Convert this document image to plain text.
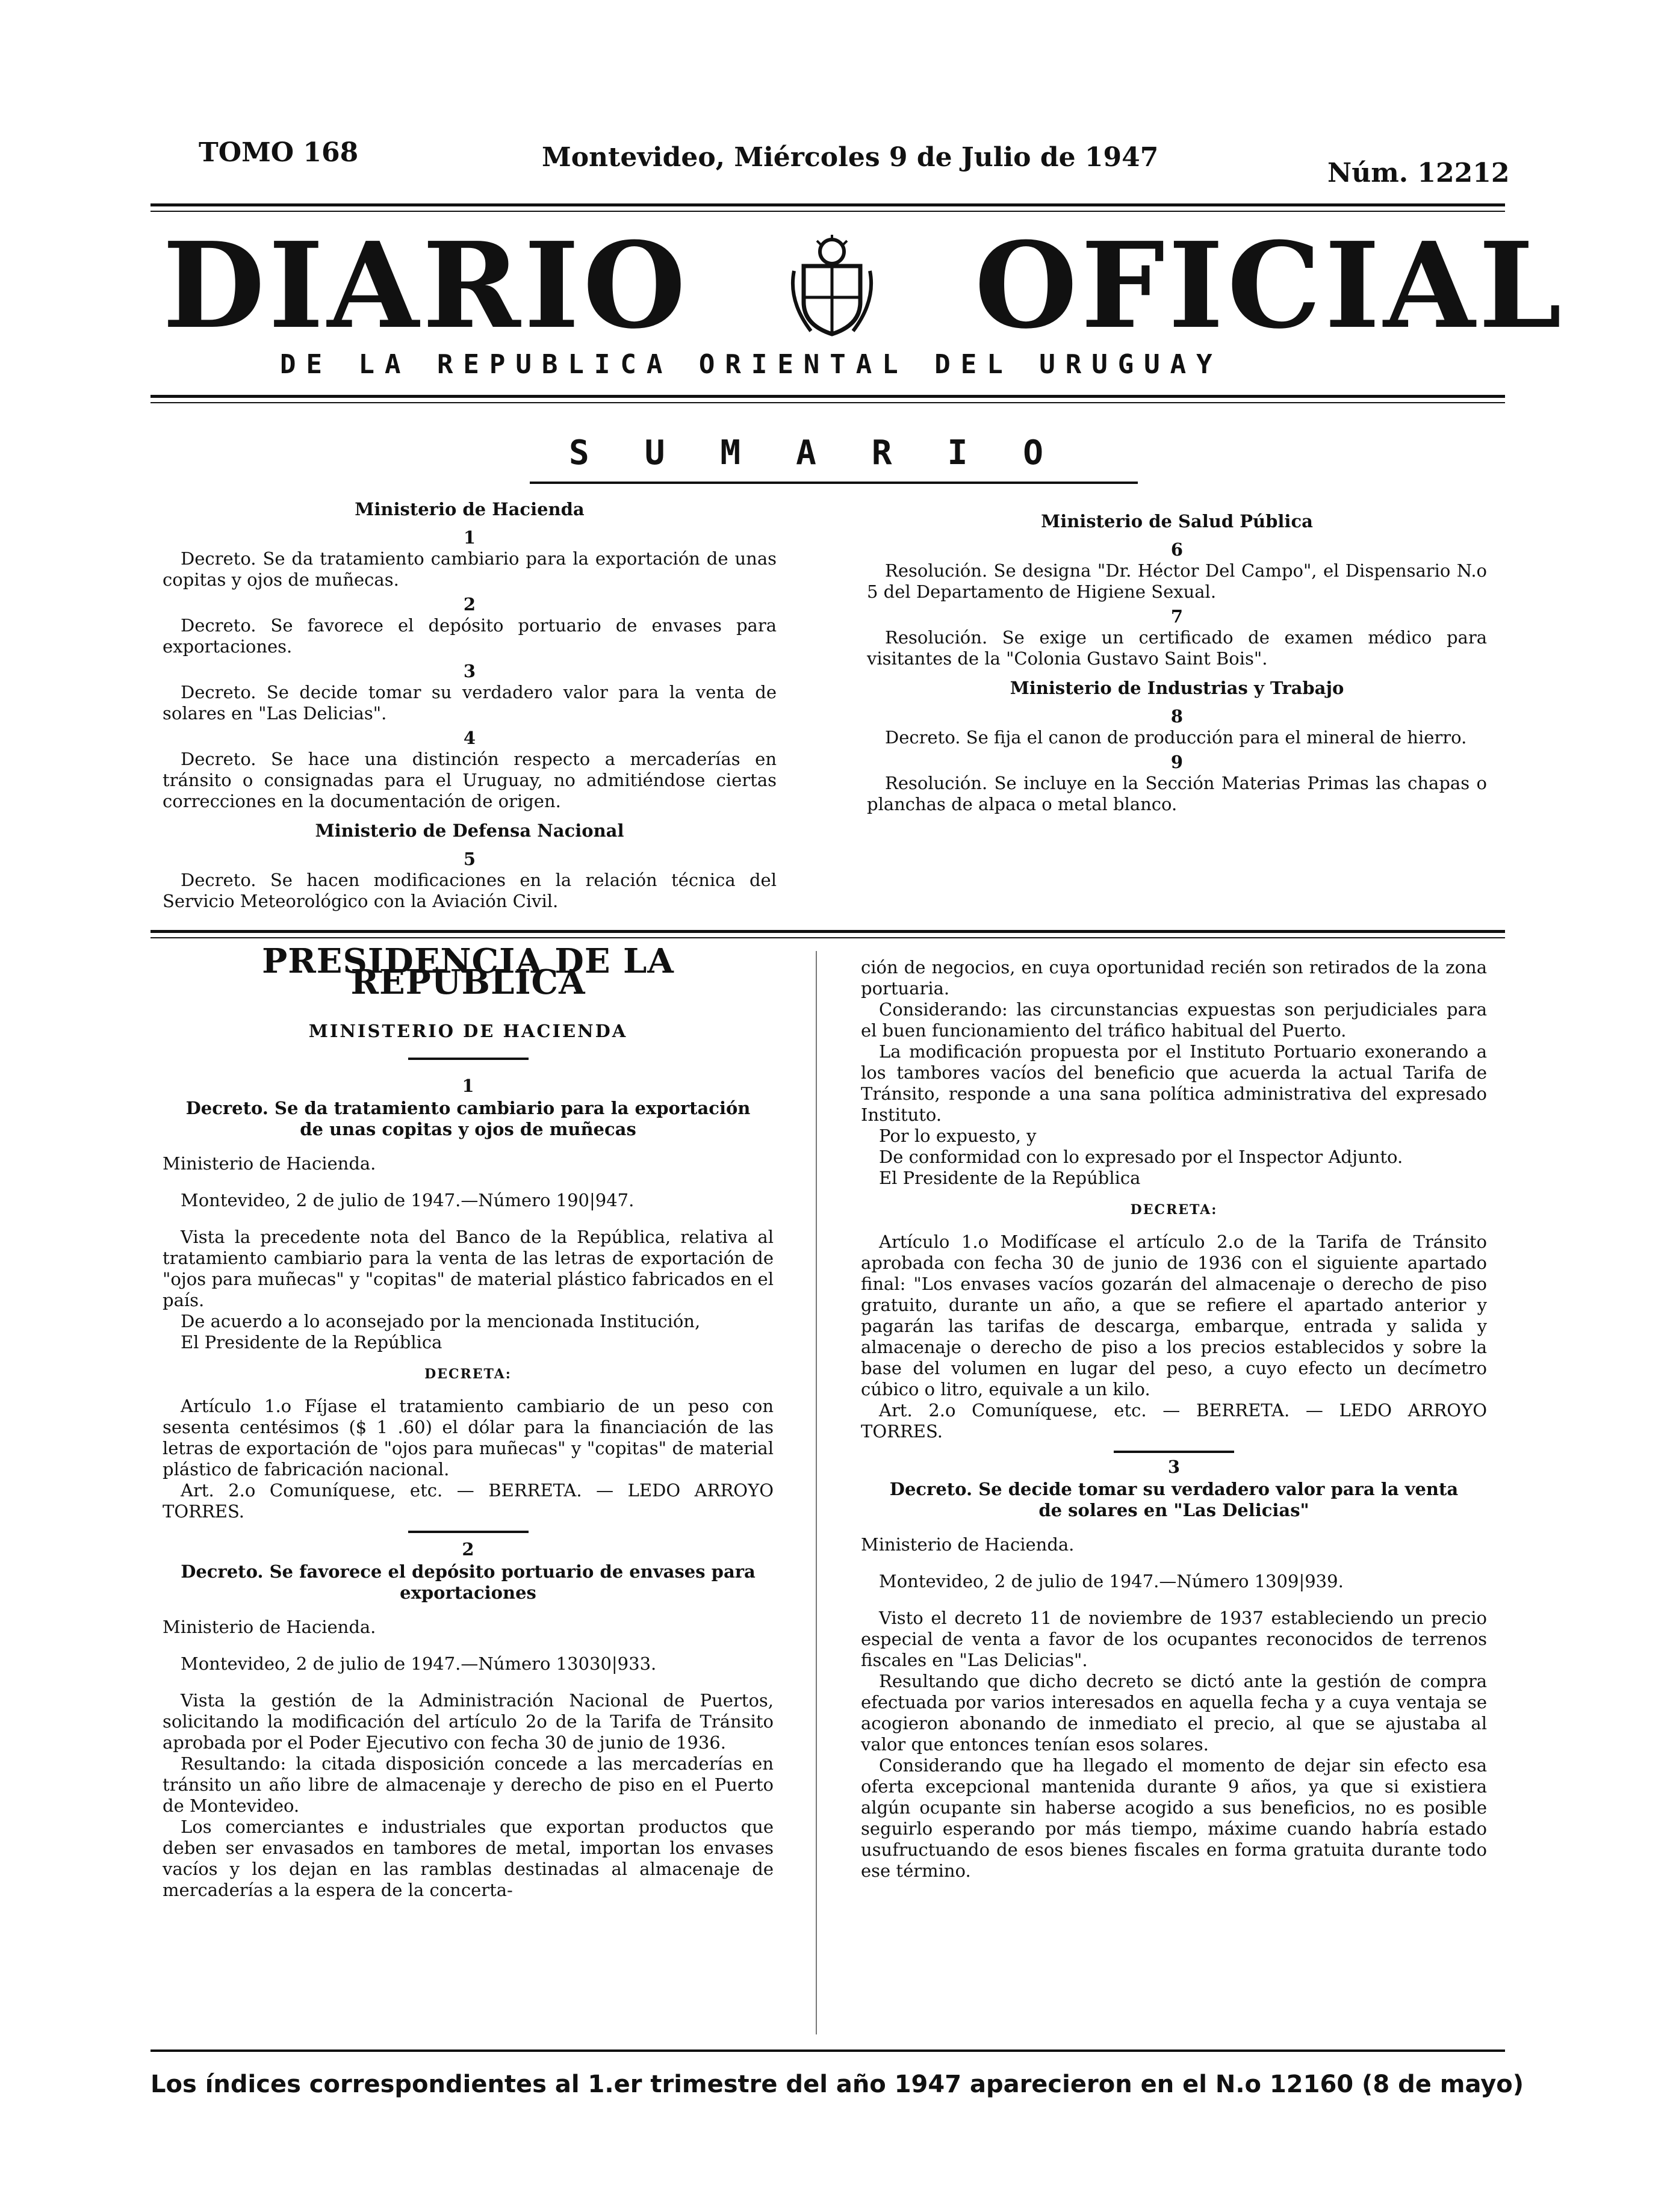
TOMO 168	Montevideo, Miércoles 9 de Julio de 1947
Núm. 12212
DIARIO OFICIAL
DE LA REPUBLICA ORIENTAL DEL URUGUAY
SUMARIO

Ministerio de Hacienda

1

Decreto. Se da tratamiento cambiario para la exportación de unas copitas y ojos de muñecas.

2

Decreto. Se favorece el depósito portuario de envases para exportaciones.

3

Decreto. Se decide tomar su verdadero valor para la venta de solares en "Las Delicias".

4

Decreto. Se hace una distinción respecto a mercaderías en tránsito o consignadas para el Uruguay, no admitiéndose ciertas correcciones en la documentación de origen.

Ministerio de Defensa Nacional

5

Decreto. Se hacen modificaciones en la relación técnica del Servicio Meteorológico con la Aviación Civil.

Ministerio de Salud Pública

6

Resolución. Se designa "Dr. Héctor Del Campo", el Dispensario N.o 5 del Departamento de Higiene Sexual.

7

Resolución. Se exige un certificado de examen médico para visitantes de la "Colonia Gustavo Saint Bois".

Ministerio de Industrias y Trabajo

8

Decreto. Se fija el canon de producción para el mineral de hierro.

9

Resolución. Se incluye en la Sección Materias Primas las chapas o planchas de alpaca o metal blanco.

PRESIDENCIA DE LA REPUBLICA

MINISTERIO DE HACIENDA

1

Decreto. Se da tratamiento cambiario para la exportación de unas copitas y ojos de muñecas

Ministerio de Hacienda.

Montevideo, 2 de julio de 1947.—Número 190|947.

Vista la precedente nota del Banco de la República, relativa al tratamiento cambiario para la venta de las letras de exportación de "ojos para muñecas" y "copitas" de material plástico fabricados en el país.

De acuerdo a lo aconsejado por la mencionada Institución,

El Presidente de la República

DECRETA:

Artículo 1.o Fíjase el tratamiento cambiario de un peso con sesenta centésimos ($ 1 .60) el dólar para la financiación de las letras de exportación de "ojos para muñecas" y "copitas" de material plástico de fabricación nacional.

Art. 2.o Comuníquese, etc. — BERRETA. — LEDO ARROYO TORRES.

2

Decreto. Se favorece el depósito portuario de envases para exportaciones

Ministerio de Hacienda.

Montevideo, 2 de julio de 1947.—Número 13030|933.

Vista la gestión de la Administración Nacional de Puertos, solicitando la modificación del artículo 2o de la Tarifa de Tránsito aprobada por el Poder Ejecutivo con fecha 30 de junio de 1936.

Resultando: la citada disposición concede a las mercaderías en tránsito un año libre de almacenaje y derecho de piso en el Puerto de Montevideo.

Los comerciantes e industriales que exportan productos que deben ser envasados en tambores de metal, importan los envases vacíos y los dejan en las ramblas destinadas al almacenaje de mercaderías a la espera de la concerta-

ción de negocios, en cuya oportunidad recién son retirados de la zona portuaria.

Considerando: las circunstancias expuestas son perjudiciales para el buen funcionamiento del tráfico habitual del Puerto.

La modificación propuesta por el Instituto Portuario exonerando a los tambores vacíos del beneficio que acuerda la actual Tarifa de Tránsito, responde a una sana política administrativa del expresado Instituto.

Por lo expuesto, y

De conformidad con lo expresado por el Inspector Adjunto.

El Presidente de la República

DECRETA:

Artículo 1.o Modifícase el artículo 2.o de la Tarifa de Tránsito aprobada con fecha 30 de junio de 1936 con el siguiente apartado final: "Los envases vacíos gozarán del almacenaje o derecho de piso gratuito, durante un año, a que se refiere el apartado anterior y pagarán las tarifas de descarga, embarque, entrada y salida y almacenaje o derecho de piso a los precios establecidos y sobre la base del volumen en lugar del peso, a cuyo efecto un decímetro cúbico o litro, equivale a un kilo.

Art. 2.o Comuníquese, etc. — BERRETA. — LEDO ARROYO TORRES.

3

Decreto. Se decide tomar su verdadero valor para la venta de solares en "Las Delicias"

Ministerio de Hacienda.

Montevideo, 2 de julio de 1947.—Número 1309|939.

Visto el decreto 11 de noviembre de 1937 estableciendo un precio especial de venta a favor de los ocupantes reconocidos de terrenos fiscales en "Las Delicias".

Resultando que dicho decreto se dictó ante la gestión de compra efectuada por varios interesados en aquella fecha y a cuya ventaja se acogieron abonando de inmediato el precio, al que se ajustaba al valor que entonces tenían esos solares.

Considerando que ha llegado el momento de dejar sin efecto esa oferta excepcional mantenida durante 9 años, ya que si existiera algún ocupante sin haberse acogido a sus beneficios, no es posible seguirlo esperando por más tiempo, máxime cuando habría estado usufructuando de esos bienes fiscales en forma gratuita durante todo ese término.

Los índices correspondientes al 1.er trimestre del año 1947 aparecieron en el N.o 12160 (8 de mayo)
